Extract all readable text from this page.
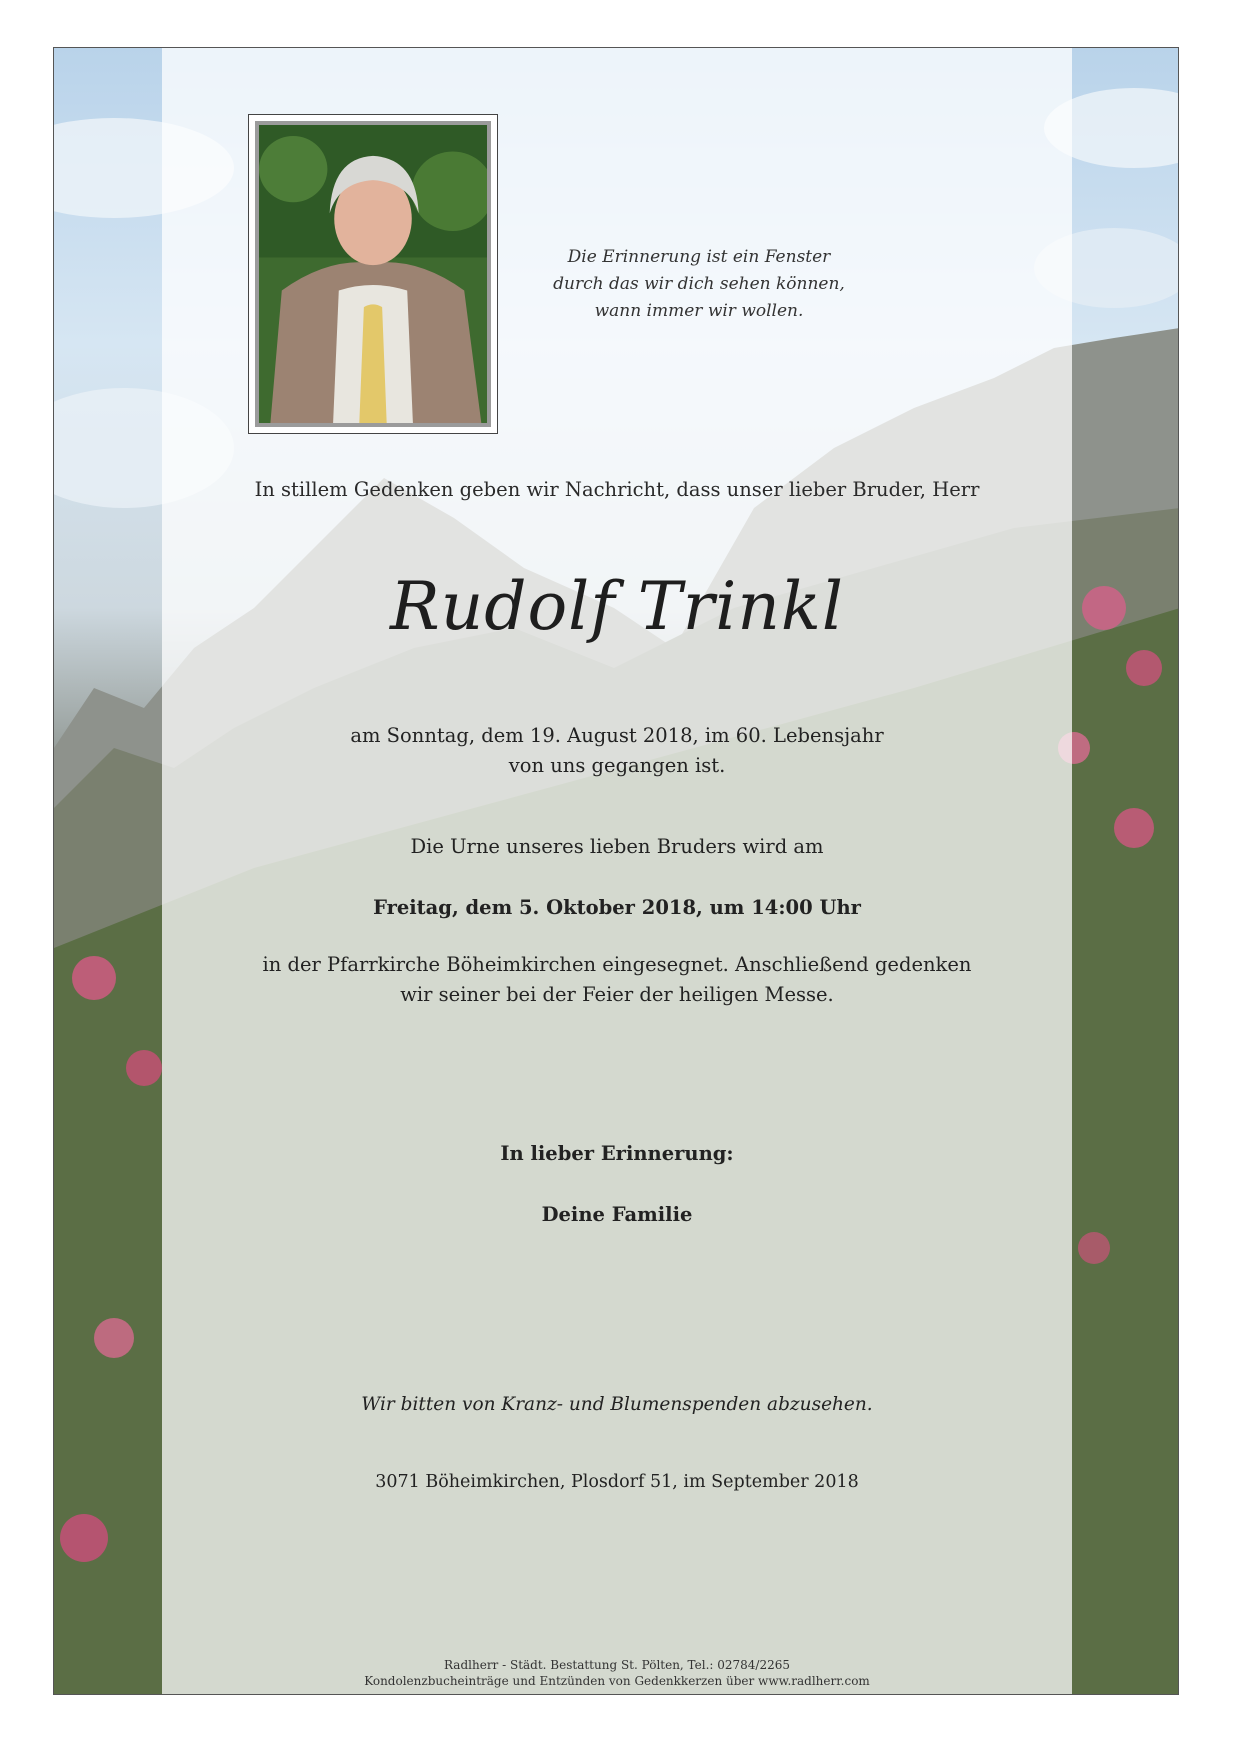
Die Erinnerung ist ein Fenster
durch das wir dich sehen können,
wann immer wir wollen.
In stillem Gedenken geben wir Nachricht, dass unser lieber Bruder, Herr
Rudolf Trinkl
am Sonntag, dem 19. August 2018, im 60. Lebensjahr
von uns gegangen ist.
Die Urne unseres lieben Bruders wird am
Freitag, dem 5. Oktober 2018, um 14:00 Uhr
in der Pfarrkirche Böheimkirchen eingesegnet. Anschließend gedenken
wir seiner bei der Feier der heiligen Messe.
In lieber Erinnerung:
Deine Familie
Wir bitten von Kranz- und Blumenspenden abzusehen.
3071 Böheimkirchen, Plosdorf 51, im September 2018
Radlherr - Städt. Bestattung St. Pölten, Tel.: 02784/2265
Kondolenzbucheinträge und Entzünden von Gedenkkerzen über www.radlherr.com
